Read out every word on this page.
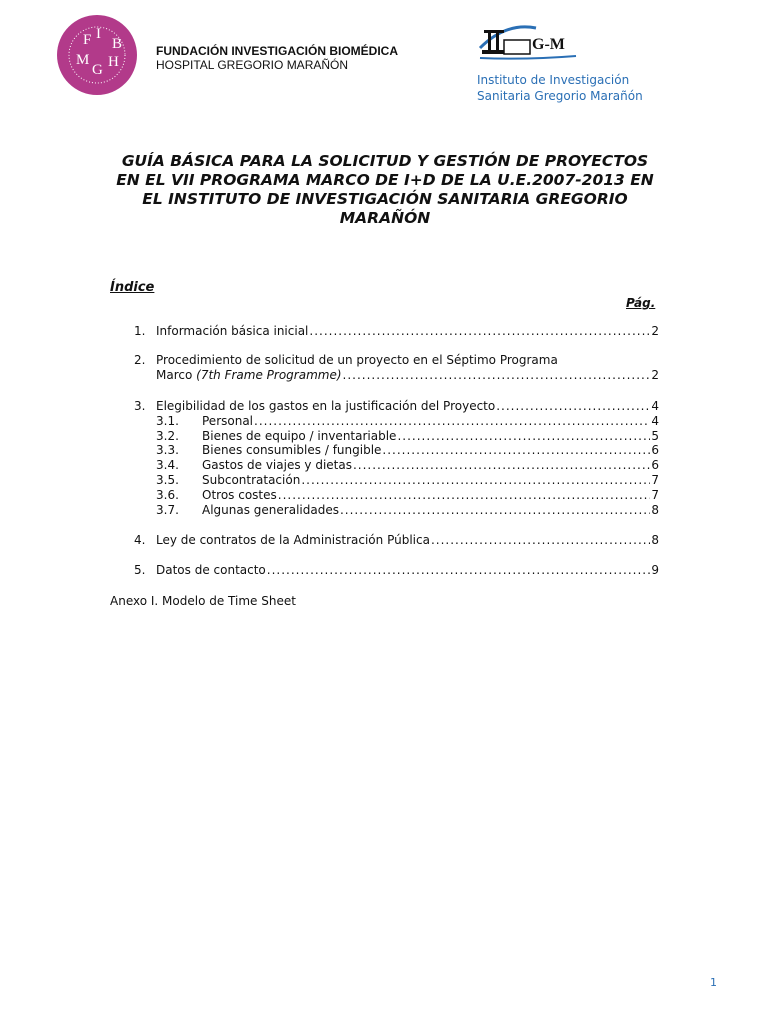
F I
B
H
G
M
FUNDACIÓN INVESTIGACIÓN BIOMÉDICA
HOSPITAL GREGORIO MARAÑÓN
G-M
Instituto de Investigación
Sanitaria Gregorio Marañón
GUÍA BÁSICA PARA LA SOLICITUD Y GESTIÓN DE PROYECTOS
EN EL VII PROGRAMA MARCO DE I+D DE LA U.E.2007-2013 EN
EL INSTITUTO DE INVESTIGACIÓN SANITARIA GREGORIO
MARAÑÓN
Índice
Pág.
1. Información básica inicial .....	2
2. Procedimiento de solicitud de un proyecto en el Séptimo Programa
Marco (7th Frame Programme) .....	2
3. Elegibilidad de los gastos en la justificación del Proyecto .....	4
3.1.	Personal .....	4
3.2.	Bienes de equipo / inventariable .....	5
3.3.	Bienes consumibles / fungible .....	6
3.4.	Gastos de viajes y dietas .....	6
3.5.	Subcontratación .....	7
3.6.	Otros costes .....	7
3.7.	Algunas generalidades .....	8
4. Ley de contratos de la Administración Pública .....	8
5. Datos de contacto .....	9
Anexo I. Modelo de Time Sheet
1
